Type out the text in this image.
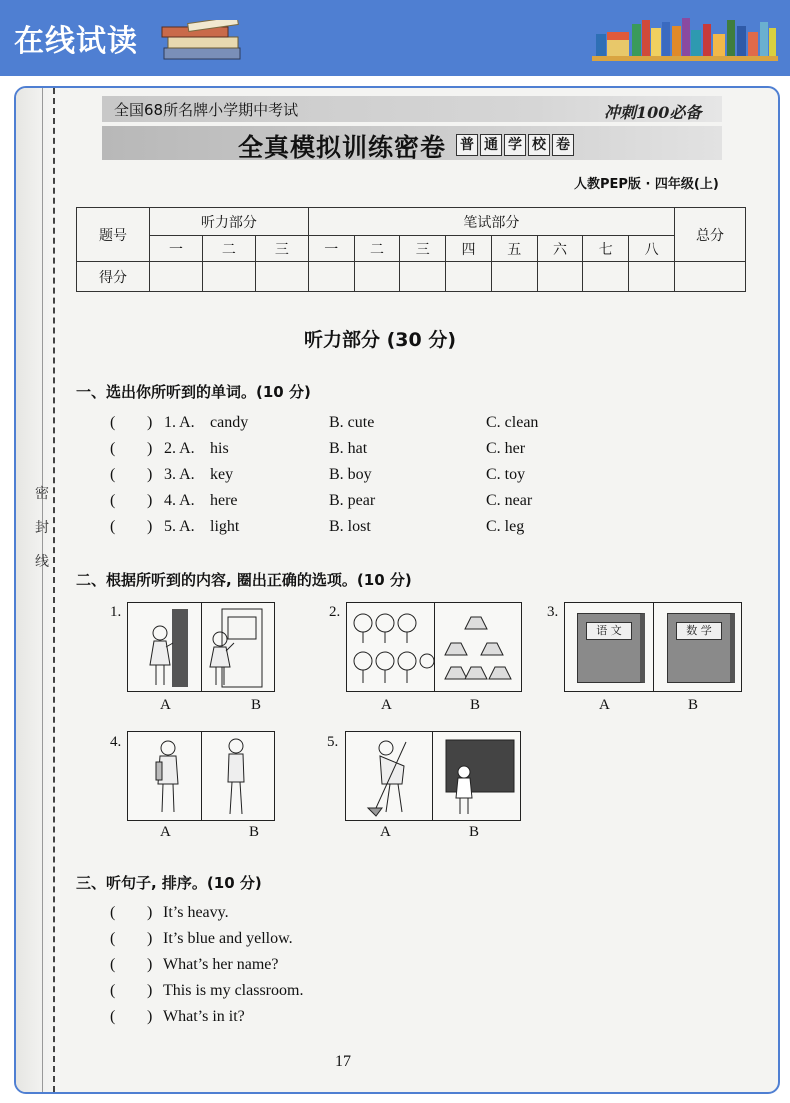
在线试读
密
封
线
全国68所名牌小学期中考试	冲刺100必备
全真模拟训练密卷 普 通 学 校 卷
人教PEP版 · 四年级(上)
题号	听力部分			笔试部分								总分
	一	二	三	一	二	三	四	五	六	七	八	
得分												
听力部分 (30 分)
一、选出你所听到的单词。(10 分)
( ) 1. A. candy	B. cute	C. clean
( ) 2. A. his	B. hat	C. her
( ) 3. A. key	B. boy	C. toy
( ) 4. A. here	B. pear	C. near
( ) 5. A. light	B. lost	C. leg
二、根据所听到的内容, 圈出正确的选项。(10 分)
1.
A	B
2.
A	B
3.
语 文	数 学
A	B
4.
A	B
5.
A	B
三、听句子, 排序。(10 分)
( ) It’s heavy.
( ) It’s blue and yellow.
( ) What’s her name?
( ) This is my classroom.
( ) What’s in it?
17
